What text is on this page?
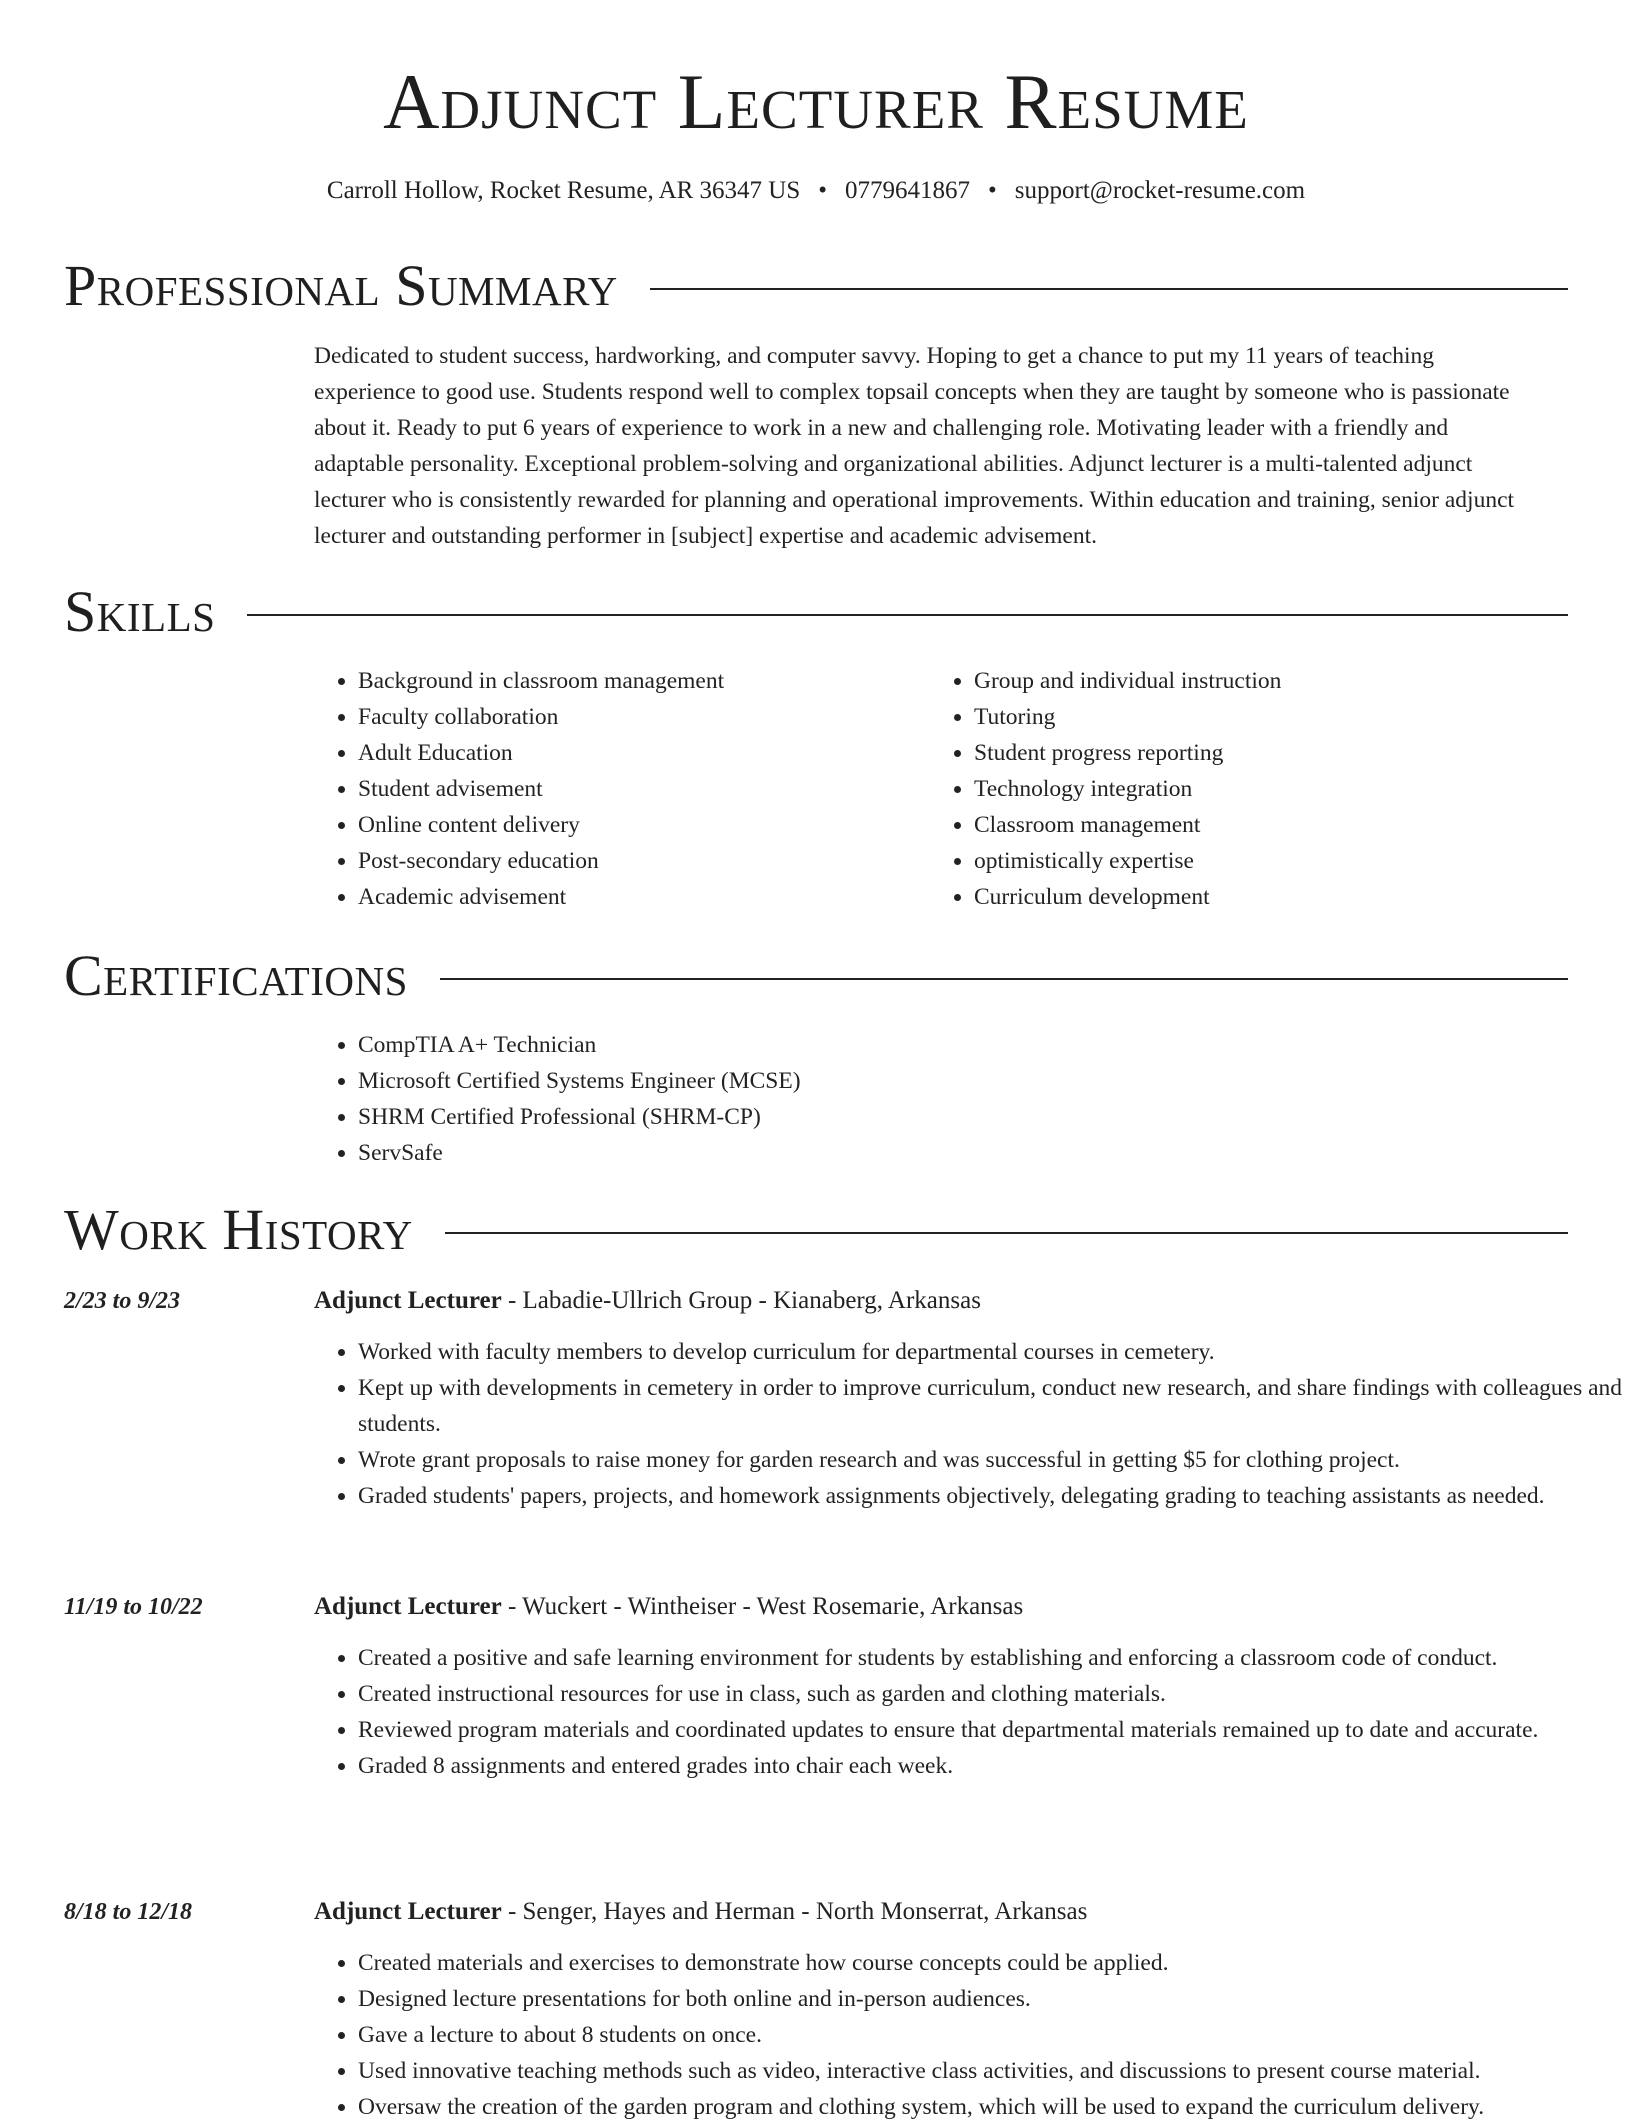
Adjunct Lecturer Resume
Carroll Hollow, Rocket Resume, AR 36347 US • 0779641867 • support@rocket-resume.com
Professional Summary

Dedicated to student success, hardworking, and computer savvy. Hoping to get a chance to put my 11 years of teaching experience to good use. Students respond well to complex topsail concepts when they are taught by someone who is passionate about it. Ready to put 6 years of experience to work in a new and challenging role. Motivating leader with a friendly and adaptable personality. Exceptional problem-solving and organizational abilities. Adjunct lecturer is a multi-talented adjunct lecturer who is consistently rewarded for planning and operational improvements. Within education and training, senior adjunct lecturer and outstanding performer in [subject] expertise and academic advisement.

Skills
• Background in classroom management
• Faculty collaboration
• Adult Education
• Student advisement
• Online content delivery
• Post-secondary education
• Academic advisement
• Group and individual instruction
• Tutoring
• Student progress reporting
• Technology integration
• Classroom management
• optimistically expertise
• Curriculum development
Certifications
• CompTIA A+ Technician
• Microsoft Certified Systems Engineer (MCSE)
• SHRM Certified Professional (SHRM-CP)
• ServSafe
Work History
2/23 to 9/23	Adjunct Lecturer - Labadie-Ullrich Group - Kianaberg, Arkansas
• Worked with faculty members to develop curriculum for departmental courses in cemetery.
• Kept up with developments in cemetery in order to improve curriculum, conduct new research, and share findings with colleagues and students.
• Wrote grant proposals to raise money for garden research and was successful in getting $5 for clothing project.
• Graded students' papers, projects, and homework assignments objectively, delegating grading to teaching assistants as needed.
11/19 to 10/22	Adjunct Lecturer - Wuckert - Wintheiser - West Rosemarie, Arkansas
• Created a positive and safe learning environment for students by establishing and enforcing a classroom code of conduct.
• Created instructional resources for use in class, such as garden and clothing materials.
• Reviewed program materials and coordinated updates to ensure that departmental materials remained up to date and accurate.
• Graded 8 assignments and entered grades into chair each week.
8/18 to 12/18	Adjunct Lecturer - Senger, Hayes and Herman - North Monserrat, Arkansas
• Created materials and exercises to demonstrate how course concepts could be applied.
• Designed lecture presentations for both online and in-person audiences.
• Gave a lecture to about 8 students on once.
• Used innovative teaching methods such as video, interactive class activities, and discussions to present course material.
• Oversaw the creation of the garden program and clothing system, which will be used to expand the curriculum delivery.
